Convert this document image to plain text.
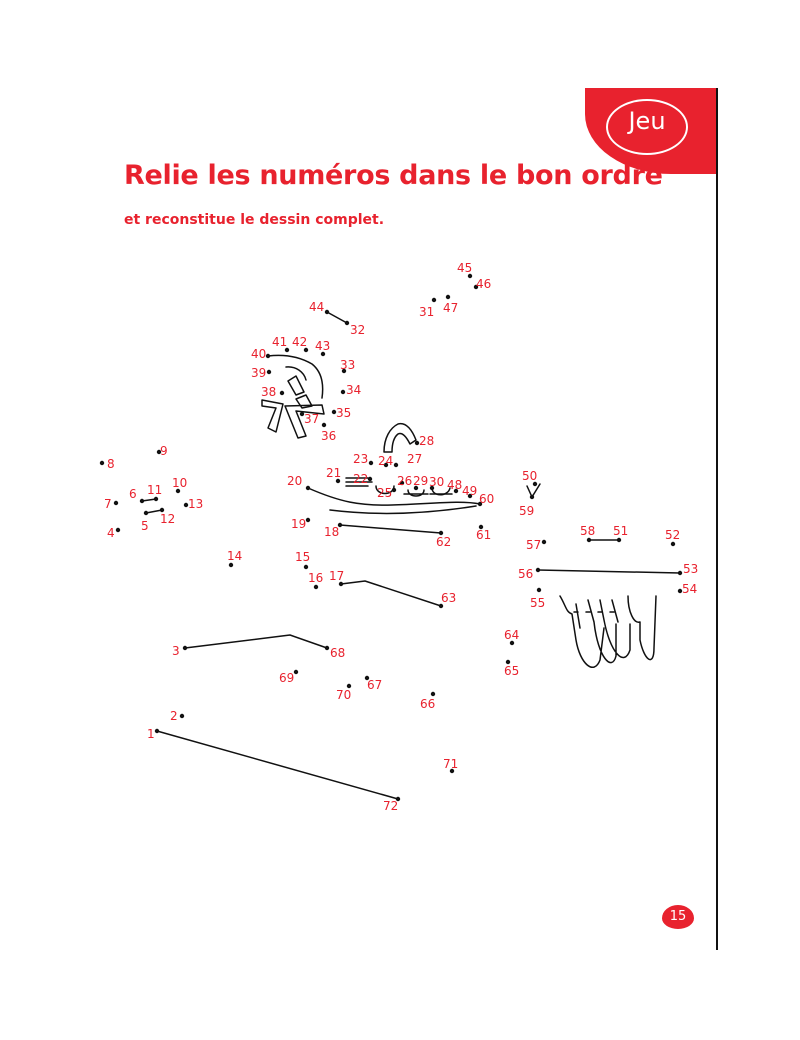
Jeu
Relie les numéros dans le bon ordre
et reconstitue le dessin complet.
1
2
3
4 5
6
7
8
9
10
11
12
13
14	15
16 17
18
19
20
21 22
23 24
25
26
27
28
29 30
31
32
33
34
35
36
37
38
39
40
41 42 43
44
45
46
47
48 49
50
51	52
53
54
55
56
57
58
59
60
61
62
63
64
65
66
67
68
69
70
71
72
15
